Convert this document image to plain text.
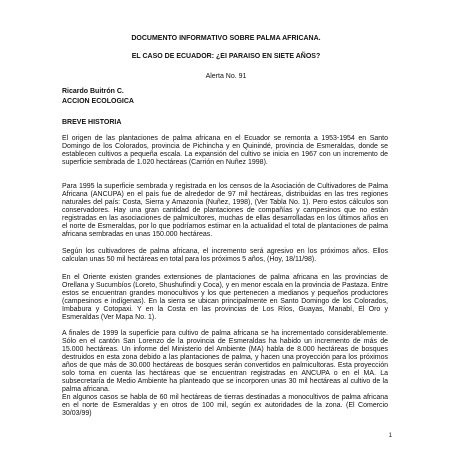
DOCUMENTO INFORMATIVO SOBRE PALMA AFRICANA.

EL CASO DE ECUADOR: ¿EI PARAISO EN SIETE AÑOS?

Alerta No. 91

Ricardo Buitrón C.

ACCION ECOLOGICA

BREVE HISTORIA

El origen de las plantaciones de palma africana en el Ecuador se remonta a 1953-1954 en Santo Domingo de los Colorados, provincia de Pichincha y en Quinindé, provincia de Esmeraldas, donde se establecen cultivos a pequeña escala. La expansión del cultivo se inicia en 1967 con un incremento de superficie sembrada de 1.020 hectáreas (Carrión en Nuñez 1998).

Para 1995 la superficie sembrada y registrada en los censos de la Asociación de Cultivadores de Palma Africana (ANCUPA) en el país fue de alrededor de 97 mil hectáreas, distribuidas en las tres regiones naturales del país: Costa, Sierra y Amazonía (Nuñez, 1998), (Ver Tabla No. 1). Pero estos cálculos son conservadores. Hay una gran cantidad de plantaciones de compañías y campesinos que no están registradas en las asociaciones de palmicultores, muchas de ellas desarrolladas en los últimos años en el norte de Esmeraldas, por lo que podríamos estimar en la actualidad el total de plantaciones de palma africana sembradas en unas 150.000 hectáreas.

Según los cultivadores de palma africana, el incremento será agresivo en los próximos años. Ellos calculan unas 50 mil hectáreas en total para los próximos 5 años, (Hoy, 18/11/98).

En el Oriente existen grandes extensiones de plantaciones de palma africana en las provincias de Orellana y Sucumbíos (Loreto, Shushufindi y Coca), y en menor escala en la provincia de Pastaza. Entre estos se encuentran grandes monocultivos y los que pertenecen a medianos y pequeños productores (campesinos e indígenas). En la sierra se ubican principalmente en Santo Domingo de los Colorados, Imbabura y Cotopaxi. Y en la Costa en las provincias de Los Ríos, Guayas, Manabí, El Oro y Esmeraldas (Ver Mapa No. 1).

A finales de 1999 la superficie para cultivo de palma africana se ha incrementado considerablemente. Sólo en el cantón San Lorenzo de la provincia de Esmeraldas ha habido un incremento de más de 15.000 hectáreas. Un informe del Ministerio del Ambiente (MA) habla de 8.000 hectáreas de bosques destruidos en esta zona debido a las plantaciones de palma, y hacen una proyección para los próximos años de que más de 30.000 hectáreas de bosques serán convertidos en palmicultoras. Esta proyección solo toma en cuenta las hectáreas que se encuentran registradas en ANCUPA o en el MA. La subsecretaría de Medio Ambiente ha planteado que se incorporen unas 30 mil hectáreas al cultivo de la palma africana.

En algunos casos se habla de 60 mil hectáreas de tierras destinadas a monocultivos de palma africana en el norte de Esmeraldas y en otros de 100 mil, según ex autoridades de la zona. (El Comercio 30/03/99)

1
